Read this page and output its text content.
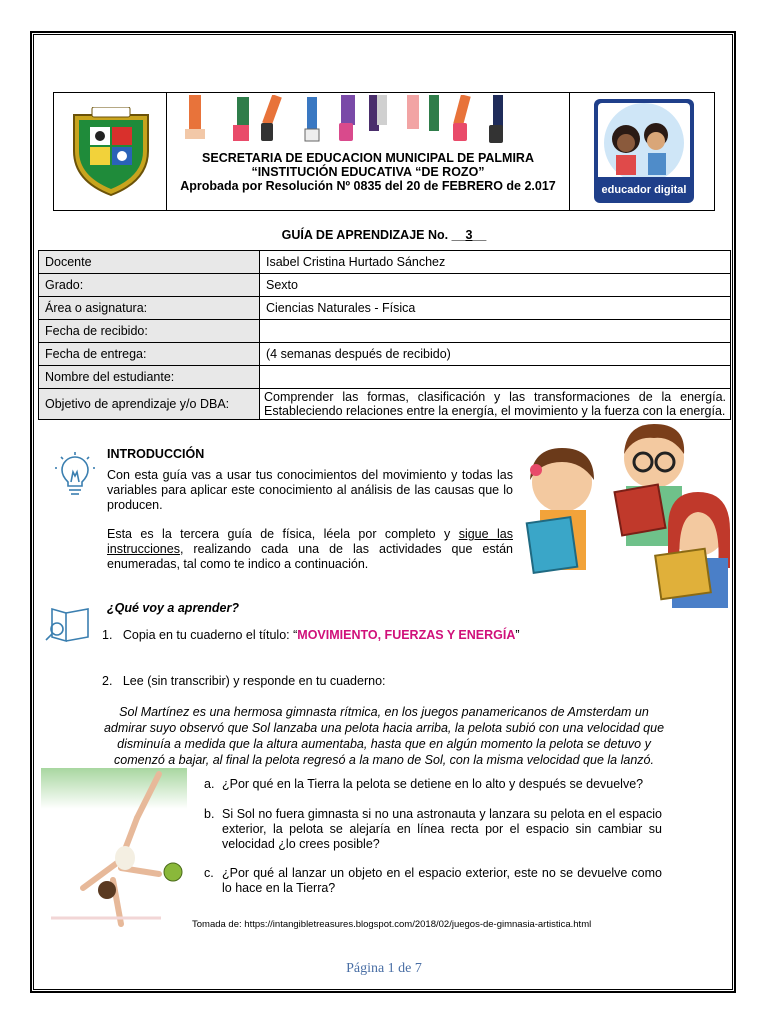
SECRETARIA DE EDUCACION MUNICIPAL DE PALMIRA
“INSTITUCIÓN EDUCATIVA “DE ROZO”
Aprobada por Resolución Nº 0835 del 20 de FEBRERO de 2.017	educador digital
GUÍA DE APRENDIZAJE No. __3__
Docente	Isabel Cristina Hurtado Sánchez
Grado:	Sexto
Área o asignatura:	Ciencias Naturales - Física
Fecha de recibido:	
Fecha de entrega:	(4 semanas después de recibido)
Nombre del estudiante:	
Objetivo de aprendizaje y/o DBA:	Comprender las formas, clasificación y las transformaciones de la energía. Estableciendo relaciones entre la energía, el movimiento y la fuerza con la energía.
INTRODUCCIÓN
Con esta guía vas a usar tus conocimientos del movimiento y todas las variables para aplicar este conocimiento al análisis de las causas que lo producen.
Esta es la tercera guía de física, léela por completo y sigue las instrucciones, realizando cada una de las actividades que están enumeradas, tal como te indico a continuación.
¿Qué voy a aprender?
1. Copia en tu cuaderno el título: “MOVIMIENTO, FUERZAS Y ENERGÍA”
2. Lee (sin transcribir) y responde en tu cuaderno:
Sol Martínez es una hermosa gimnasta rítmica, en los juegos panamericanos de Amsterdam un admirar suyo observó que Sol lanzaba una pelota hacia arriba, la pelota subió con una velocidad que disminuía a medida que la altura aumentaba, hasta que en algún momento la pelota se detuvo y comenzó a bajar, al final la pelota regresó a la mano de Sol, con la misma velocidad que la lanzó.
a. ¿Por qué en la Tierra la pelota se detiene en lo alto y después se devuelve?
b. Si Sol no fuera gimnasta si no una astronauta y lanzara su pelota en el espacio exterior, la pelota se alejaría en línea recta por el espacio sin cambiar su velocidad ¿lo crees posible?
c. ¿Por qué al lanzar un objeto en el espacio exterior, este no se devuelve como lo hace en la Tierra?
Tomada de: https://intangibletreasures.blogspot.com/2018/02/juegos-de-gimnasia-artistica.html
Página 1 de 7
